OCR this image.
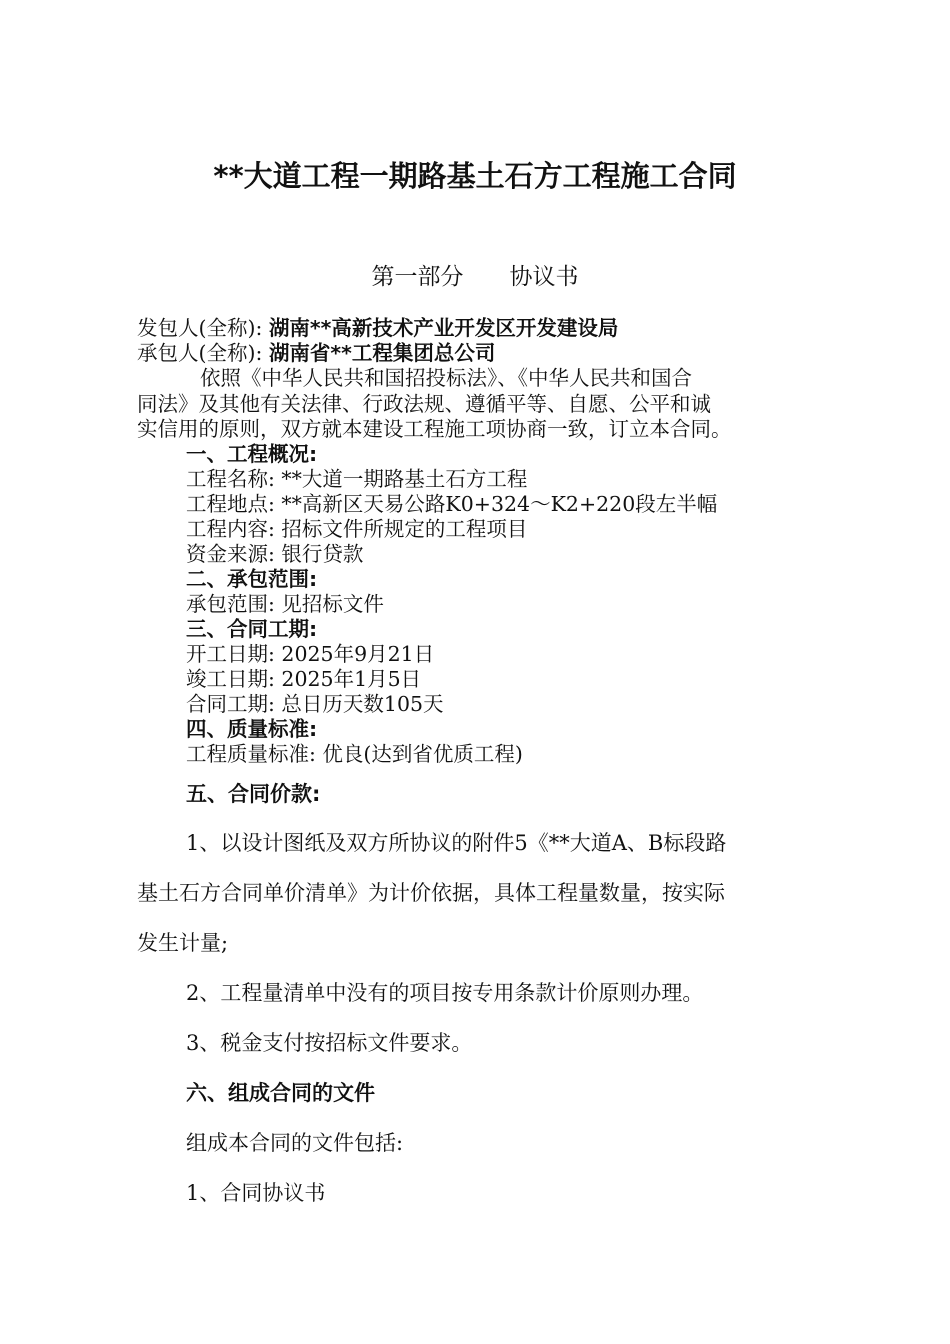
**大道工程一期路基土石方工程施工合同
第一部分 协议书
发包人(全称): 湖南**高新技术产业开发区开发建设局
承包人(全称): 湖南省**工程集团总公司
依照《中华人民共和国招投标法》、《中华人民共和国合
同法》及其他有关法律、行政法规、遵循平等、自愿、公平和诚
实信用的原则，双方就本建设工程施工项协商一致，订立本合同。
一、工程概况:
工程名称: **大道一期路基土石方工程
工程地点: **高新区天易公路K0+324～K2+220段左半幅
工程内容: 招标文件所规定的工程项目
资金来源: 银行贷款
二、承包范围:
承包范围: 见招标文件
三、合同工期:
开工日期: 2025年9月21日
竣工日期: 2025年1月5日
合同工期: 总日历天数105天
四、质量标准:
工程质量标准: 优良(达到省优质工程)
五、合同价款:
1、以设计图纸及双方所协议的附件5《**大道A、B标段路
基土石方合同单价清单》为计价依据，具体工程量数量，按实际
发生计量;
2、工程量清单中没有的项目按专用条款计价原则办理。
3、税金支付按招标文件要求。
六、组成合同的文件
组成本合同的文件包括:
1、合同协议书
